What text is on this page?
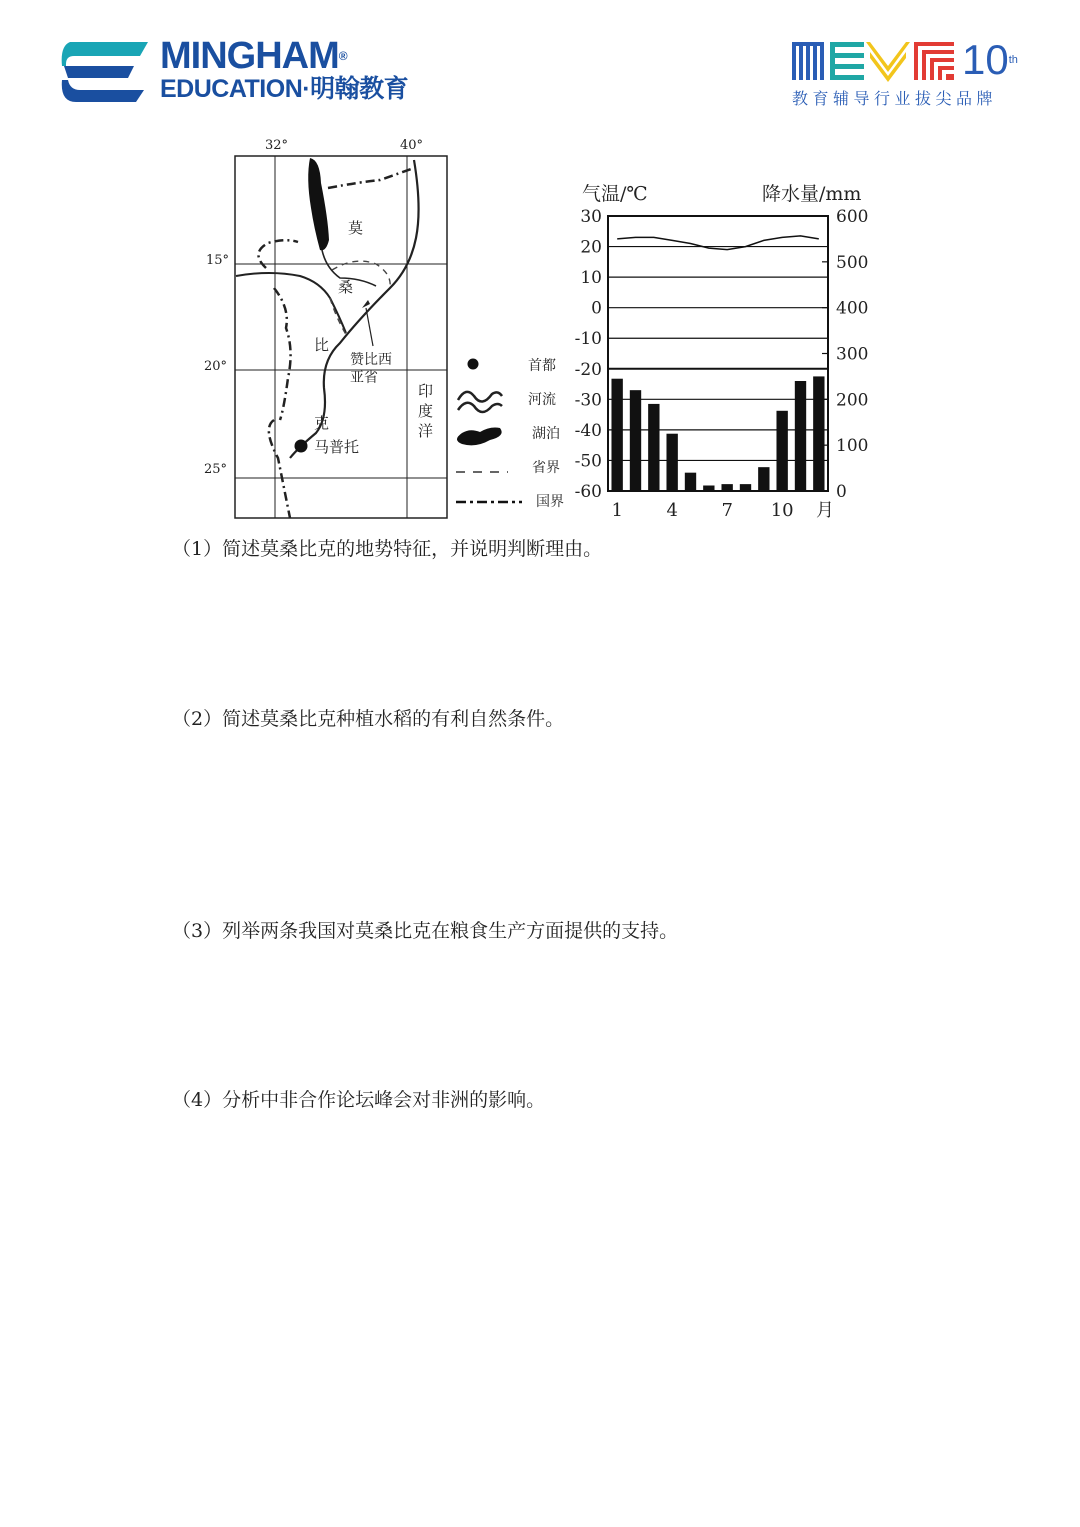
MINGHAM®
EDUCATION·明翰教育
10th
教育辅导行业拔尖品牌
32°	40°
15°
20°
25°
莫
桑
比
克
赞比西
亚省
马普托
印
度
洋
首都
河流
湖泊
省界
国界
气温/℃	降水量/mm
30
20
10
0
-10
-20
-30
-40
-50
-60
600
500
400
300
200
100
0
1 4 7 10 月
（1）简述莫桑比克的地势特征，并说明判断理由。
（2）简述莫桑比克种植水稻的有利自然条件。
（3）列举两条我国对莫桑比克在粮食生产方面提供的支持。
（4）分析中非合作论坛峰会对非洲的影响。
